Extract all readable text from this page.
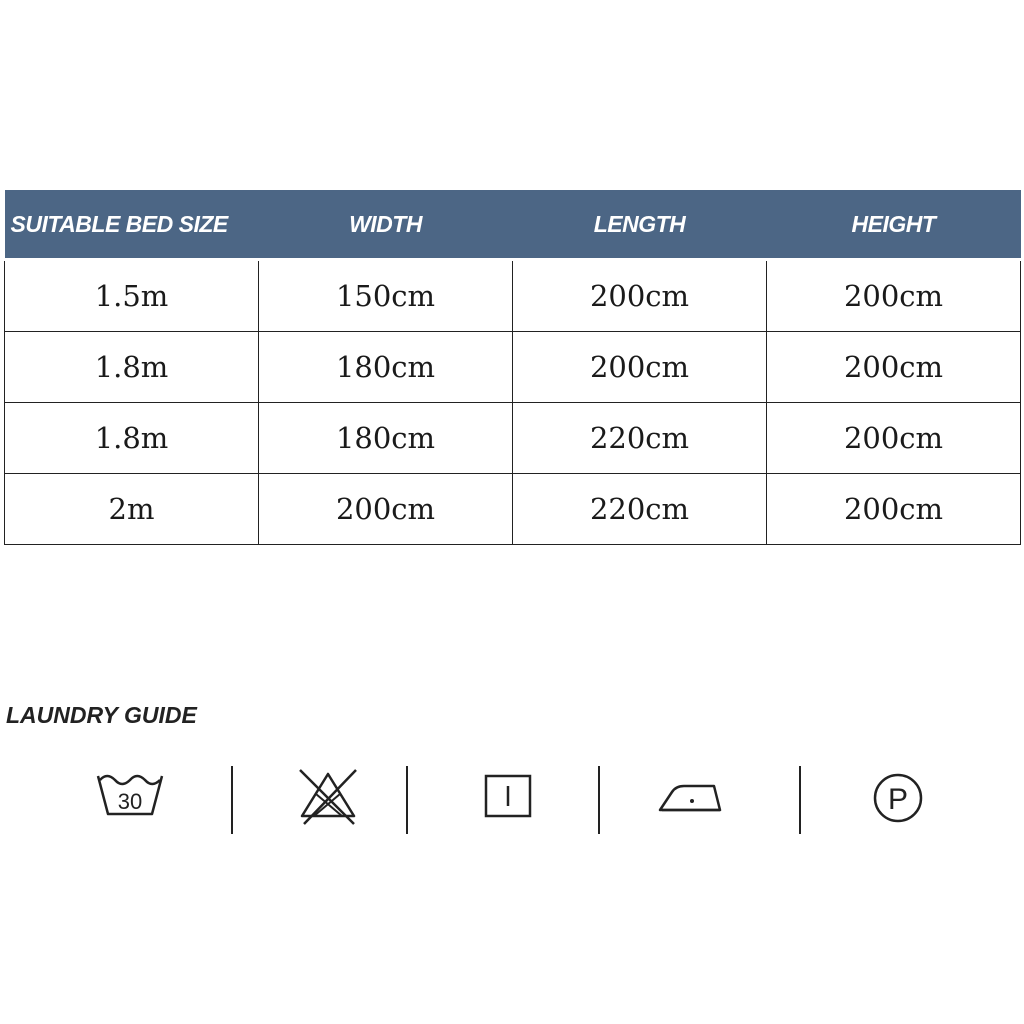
SUITABLE BED SIZE	WIDTH	LENGTH	HEIGHT
1.5m	150cm	200cm	200cm
1.8m	180cm	200cm	200cm
1.8m	180cm	220cm	200cm
2m	200cm	220cm	200cm
LAUNDRY GUIDE
30	P
